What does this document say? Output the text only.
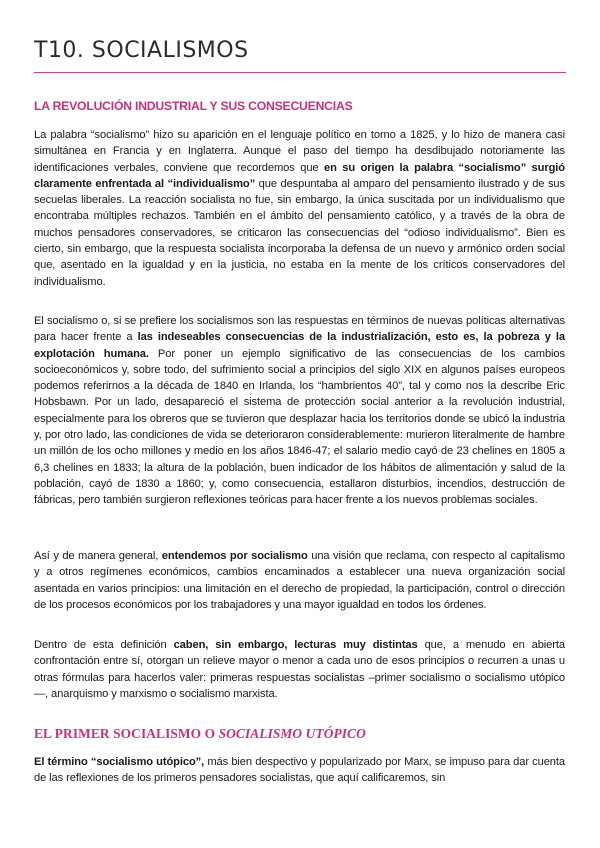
T10. SOCIALISMOS
LA REVOLUCIÓN INDUSTRIAL Y SUS CONSECUENCIAS

La palabra “socialismo” hizo su aparición en el lenguaje político en torno a 1825, y lo hizo de manera casi simultánea en Francia y en Inglaterra. Aunque el paso del tiempo ha desdibujado notoriamente las identificaciones verbales, conviene que recordemos que en su origen la palabra “socialismo” surgió claramente enfrentada al “individualismo” que despuntaba al amparo del pensamiento ilustrado y de sus secuelas liberales. La reacción socialista no fue, sin embargo, la única suscitada por un individualismo que encontraba múltiples rechazos. También en el ámbito del pensamiento católico, y a través de la obra de muchos pensadores conservadores, se criticaron las consecuencias del “odioso individualismo”. Bien es cierto, sin embargo, que la respuesta socialista incorporaba la defensa de un nuevo y armónico orden social que, asentado en la igualdad y en la justicia, no estaba en la mente de los críticos conservadores del individualismo.

El socialismo o, si se prefiere los socialismos son las respuestas en términos de nuevas políticas alternativas para hacer frente a las indeseables consecuencias de la industrialización, esto es, la pobreza y la explotación humana. Por poner un ejemplo significativo de las consecuencias de los cambios socioeconómicos y, sobre todo, del sufrimiento social a principios del siglo XIX en algunos países europeos podemos referirnos a la década de 1840 en Irlanda, los “hambrientos 40”, tal y como nos la describe Eric Hobsbawn. Por un lado, desapareció el sistema de protección social anterior a la revolución industrial, especialmente para los obreros que se tuvieron que desplazar hacia los territorios donde se ubicó la industria y, por otro lado, las condiciones de vida se deterioraron considerablemente: murieron literalmente de hambre un millón de los ocho millones y medio en los años 1846-47; el salario medio cayó de 23 chelines en 1805 a 6,3 chelines en 1833; la altura de la población, buen indicador de los hábitos de alimentación y salud de la población, cayó de 1830 a 1860; y, como consecuencia, estallaron disturbios, incendios, destrucción de fábricas, pero también surgieron reflexiones teóricas para hacer frente a los nuevos problemas sociales.

Así y de manera general, entendemos por socialismo una visión que reclama, con respecto al capitalismo y a otros regímenes económicos, cambios encaminados a establecer una nueva organización social asentada en varios principios: una limitación en el derecho de propiedad, la participación, control o dirección de los procesos económicos por los trabajadores y una mayor igualdad en todos los órdenes.

Dentro de esta definición caben, sin embargo, lecturas muy distintas que, a menudo en abierta confrontación entre sí, otorgan un relieve mayor o menor a cada uno de esos principios o recurren a unas u otras fórmulas para hacerlos valer: primeras respuestas socialistas –primer socialismo o socialismo utópico—, anarquismo y marxismo o socialismo marxista.

EL PRIMER SOCIALISMO O SOCIALISMO UTÓPICO

El término “socialismo utópico”, más bien despectivo y popularizado por Marx, se impuso para dar cuenta de las reflexiones de los primeros pensadores socialistas, que aquí calificaremos, sin
